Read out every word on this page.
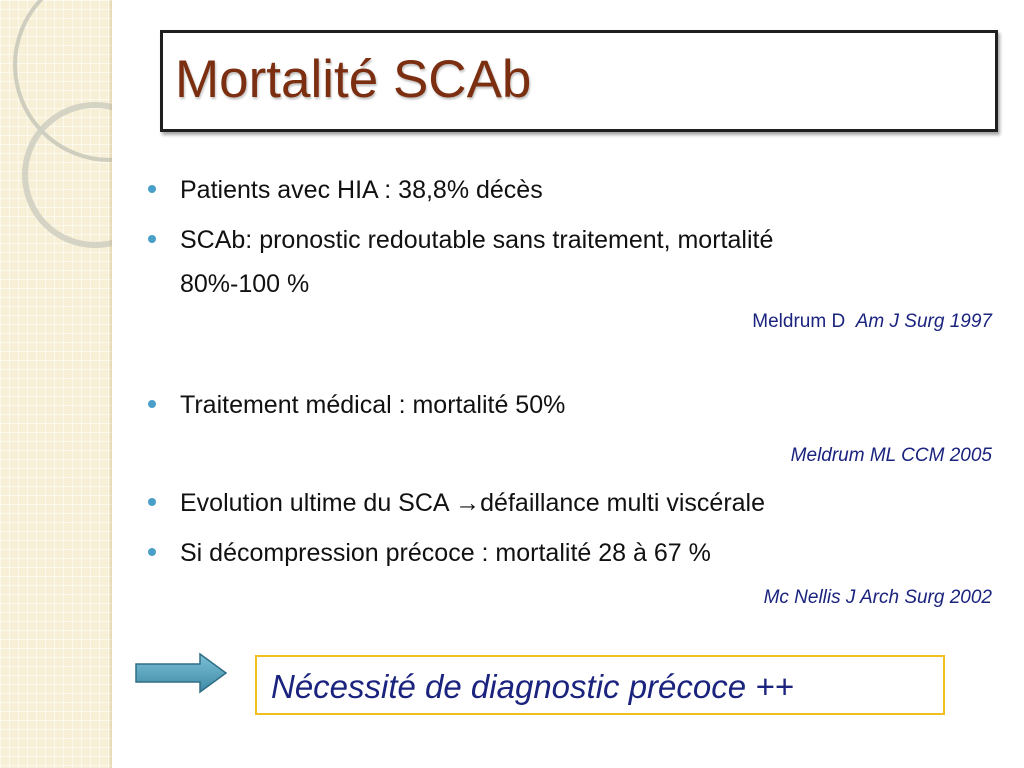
Mortalité SCAb
Patients avec HIA : 38,8% décès
SCAb: pronostic redoutable sans traitement, mortalité
80%-100 %
Meldrum D Am J Surg 1997
Traitement médical : mortalité 50%
Meldrum ML CCM 2005
Evolution ultime du SCA →défaillance multi viscérale
Si décompression précoce : mortalité 28 à 67 %
Mc Nellis J Arch Surg 2002
Nécessité de diagnostic précoce ++
